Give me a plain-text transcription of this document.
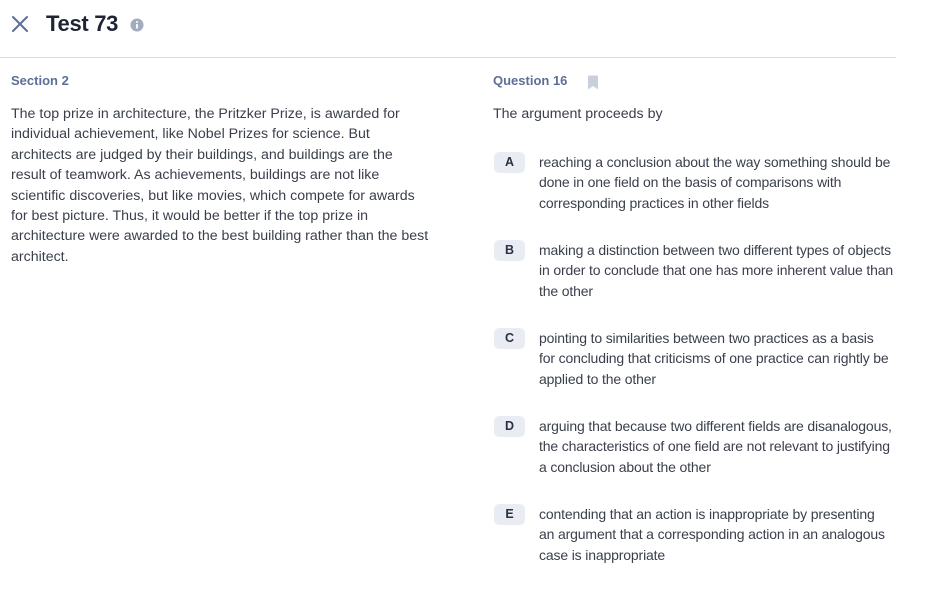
Test 73
Section 2
The top prize in architecture, the Pritzker Prize, is awarded for individual achievement, like Nobel Prizes for science. But architects are judged by their buildings, and buildings are the result of teamwork. As achievements, buildings are not like scientific discoveries, but like movies, which compete for awards for best picture. Thus, it would be better if the top prize in architecture were awarded to the best building rather than the best architect.
Question 16
The argument proceeds by
A	reaching a conclusion about the way something should be done in one field on the basis of comparisons with corresponding practices in other fields
B	making a distinction between two different types of objects in order to conclude that one has more inherent value than the other
C	pointing to similarities between two practices as a basis for concluding that criticisms of one practice can rightly be applied to the other
D	arguing that because two different fields are disanalogous, the characteristics of one field are not relevant to justifying a conclusion about the other
E	contending that an action is inappropriate by presenting an argument that a corresponding action in an analogous case is inappropriate
